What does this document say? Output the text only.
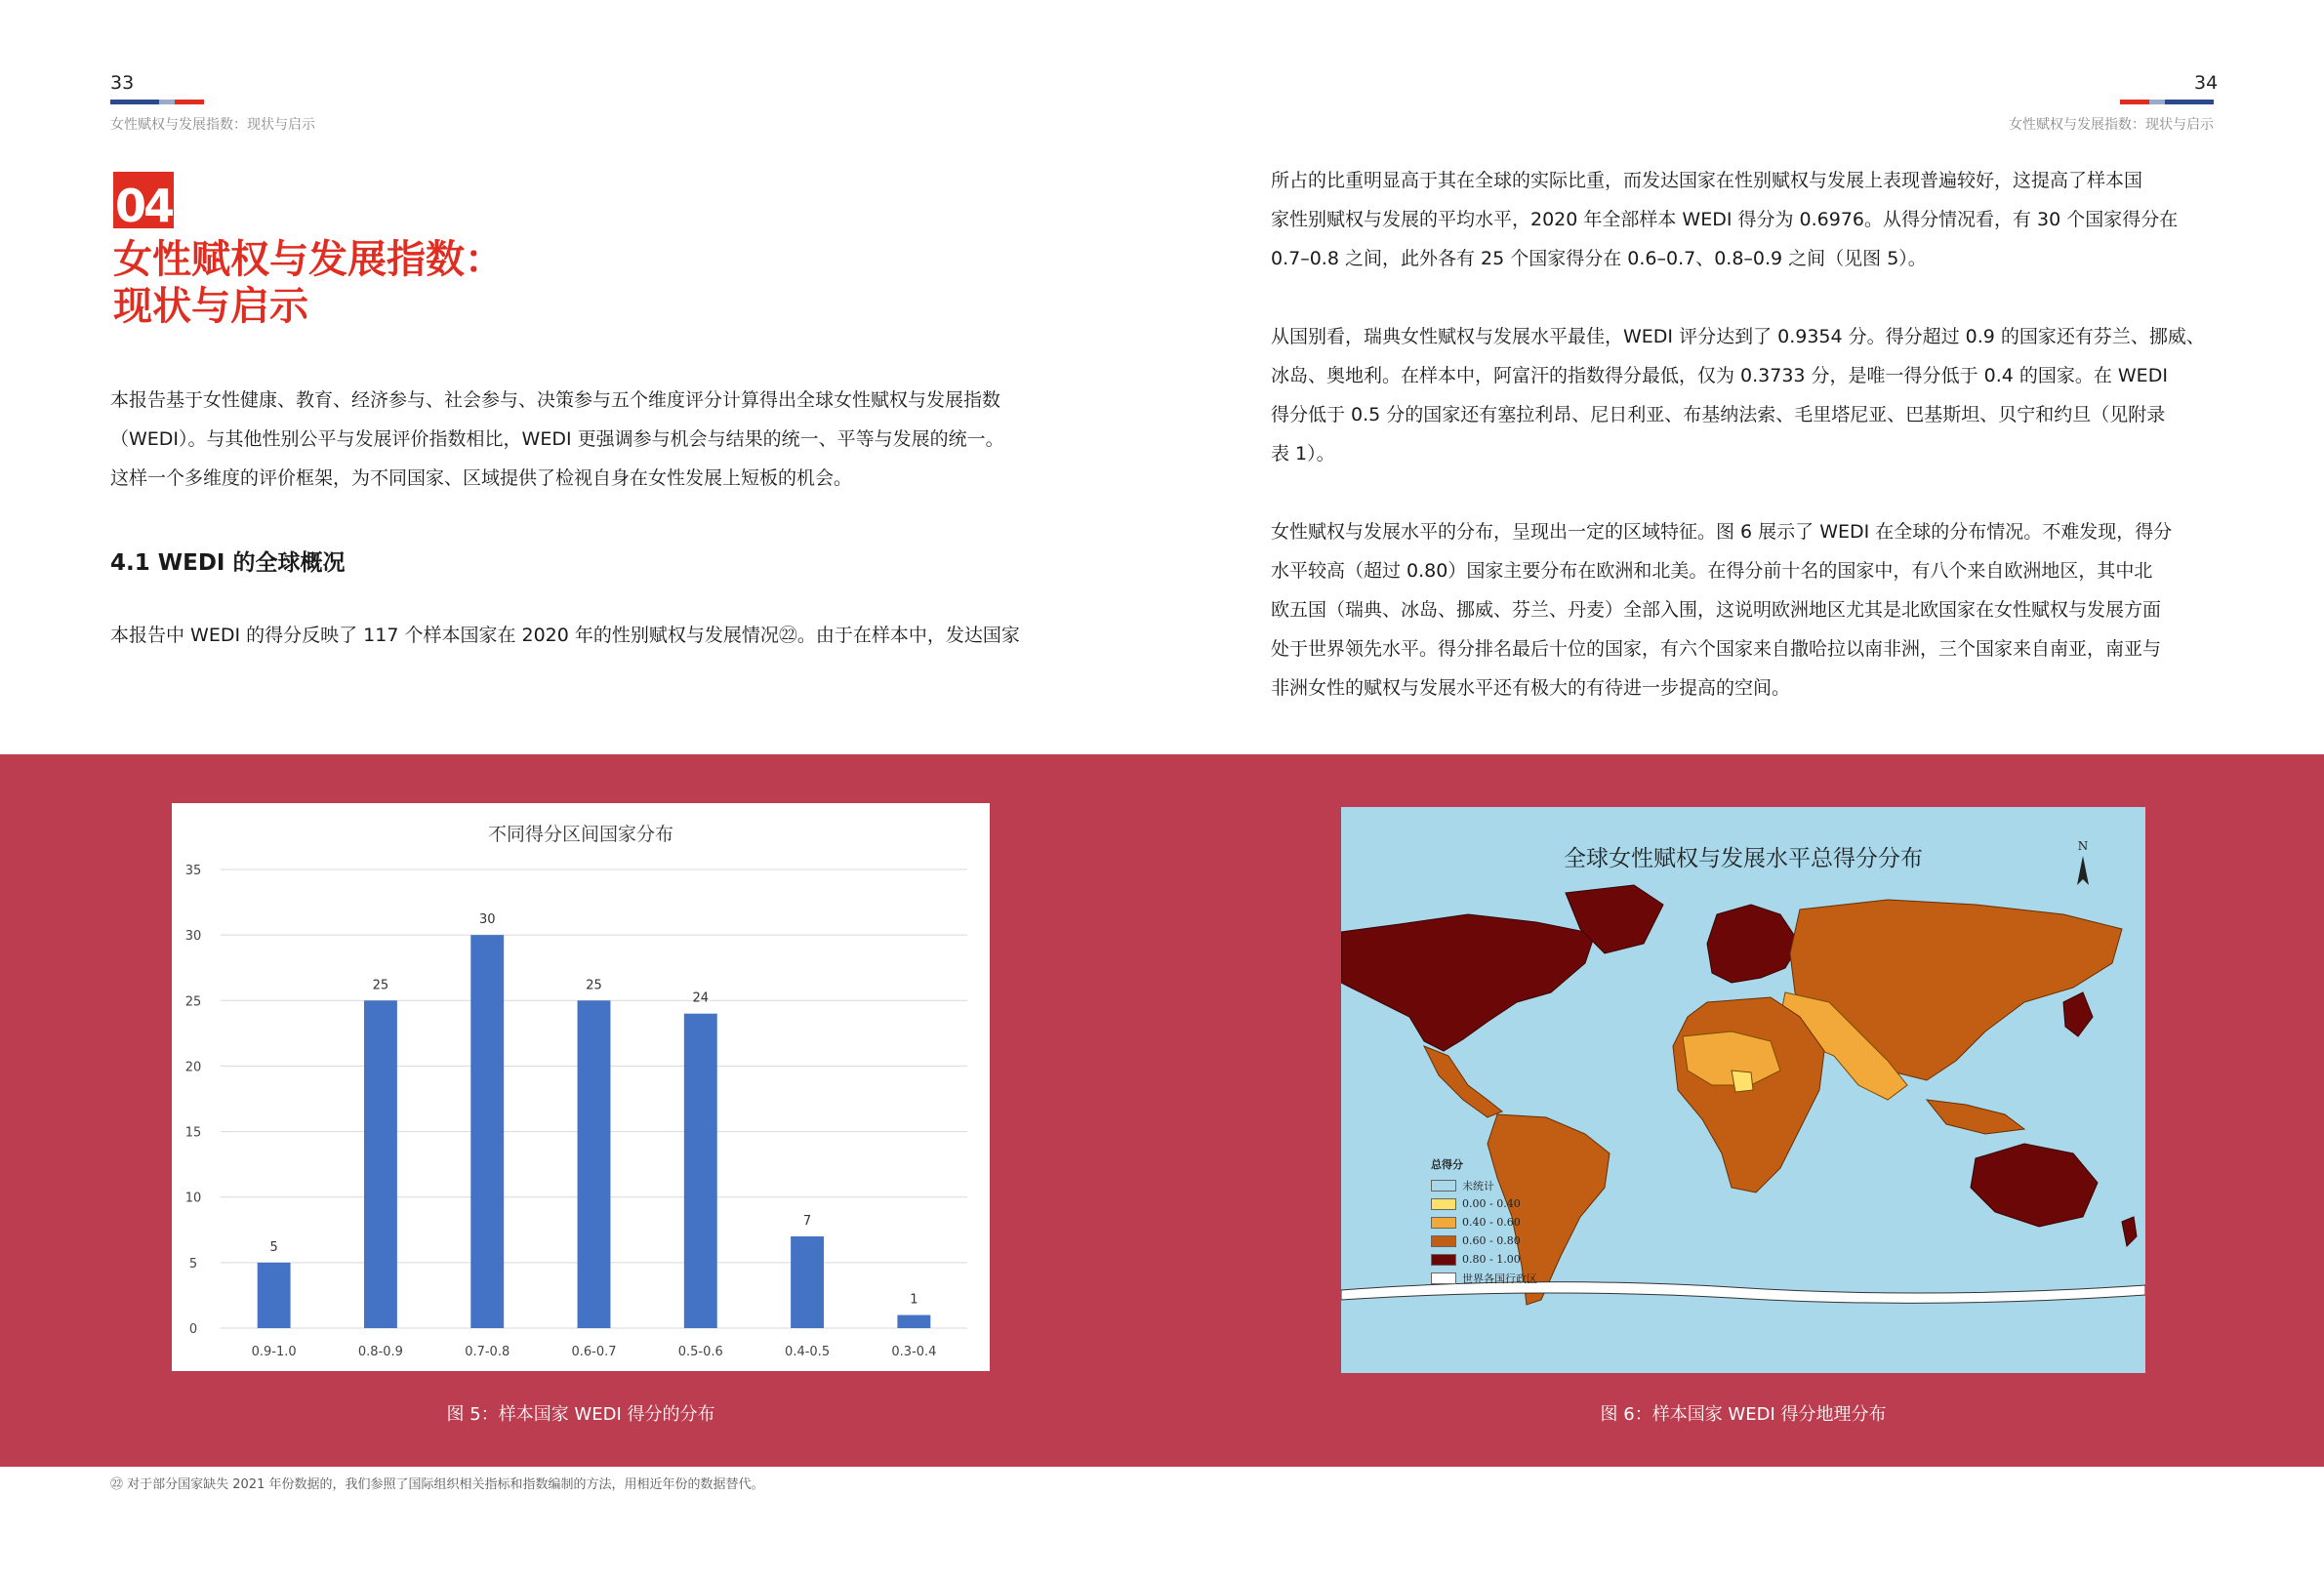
33
女性赋权与发展指数：现状与启示
34
女性赋权与发展指数：现状与启示
04
女性赋权与发展指数：
现状与启示
本报告基于女性健康、教育、经济参与、社会参与、决策参与五个维度评分计算得出全球女性赋权与发展指数
（WEDI）。与其他性别公平与发展评价指数相比，WEDI 更强调参与机会与结果的统一、平等与发展的统一。
这样一个多维度的评价框架，为不同国家、区域提供了检视自身在女性发展上短板的机会。
4.1 WEDI 的全球概况
本报告中 WEDI 的得分反映了 117 个样本国家在 2020 年的性别赋权与发展情况㉒。由于在样本中，发达国家
所占的比重明显高于其在全球的实际比重，而发达国家在性别赋权与发展上表现普遍较好，这提高了样本国
家性别赋权与发展的平均水平，2020 年全部样本 WEDI 得分为 0.6976。从得分情况看，有 30 个国家得分在
0.7–0.8 之间，此外各有 25 个国家得分在 0.6–0.7、0.8–0.9 之间（见图 5）。
从国别看，瑞典女性赋权与发展水平最佳，WEDI 评分达到了 0.9354 分。得分超过 0.9 的国家还有芬兰、挪威、
冰岛、奥地利。在样本中，阿富汗的指数得分最低，仅为 0.3733 分，是唯一得分低于 0.4 的国家。在 WEDI
得分低于 0.5 分的国家还有塞拉利昂、尼日利亚、布基纳法索、毛里塔尼亚、巴基斯坦、贝宁和约旦（见附录
表 1）。
女性赋权与发展水平的分布，呈现出一定的区域特征。图 6 展示了 WEDI 在全球的分布情况。不难发现，得分
水平较高（超过 0.80）国家主要分布在欧洲和北美。在得分前十名的国家中，有八个来自欧洲地区，其中北
欧五国（瑞典、冰岛、挪威、芬兰、丹麦）全部入围，这说明欧洲地区尤其是北欧国家在女性赋权与发展方面
处于世界领先水平。得分排名最后十位的国家，有六个国家来自撒哈拉以南非洲，三个国家来自南亚，南亚与
非洲女性的赋权与发展水平还有极大的有待进一步提高的空间。
不同得分区间国家分布
0
5
10
15
20
25
30
35
5
0.9-1.0
25
0.8-0.9
30
0.7-0.8
25
0.6-0.7
24
0.5-0.6
7
0.4-0.5
1
0.3-0.4
N
全球女性赋权与发展水平总得分分布
总得分
未统计
0.00 - 0.40
0.40 - 0.60
0.60 - 0.80
0.80 - 1.00
世界各国行政区
图 5：样本国家 WEDI 得分的分布	图 6：样本国家 WEDI 得分地理分布
㉒ 对于部分国家缺失 2021 年份数据的，我们参照了国际组织相关指标和指数编制的方法，用相近年份的数据替代。
